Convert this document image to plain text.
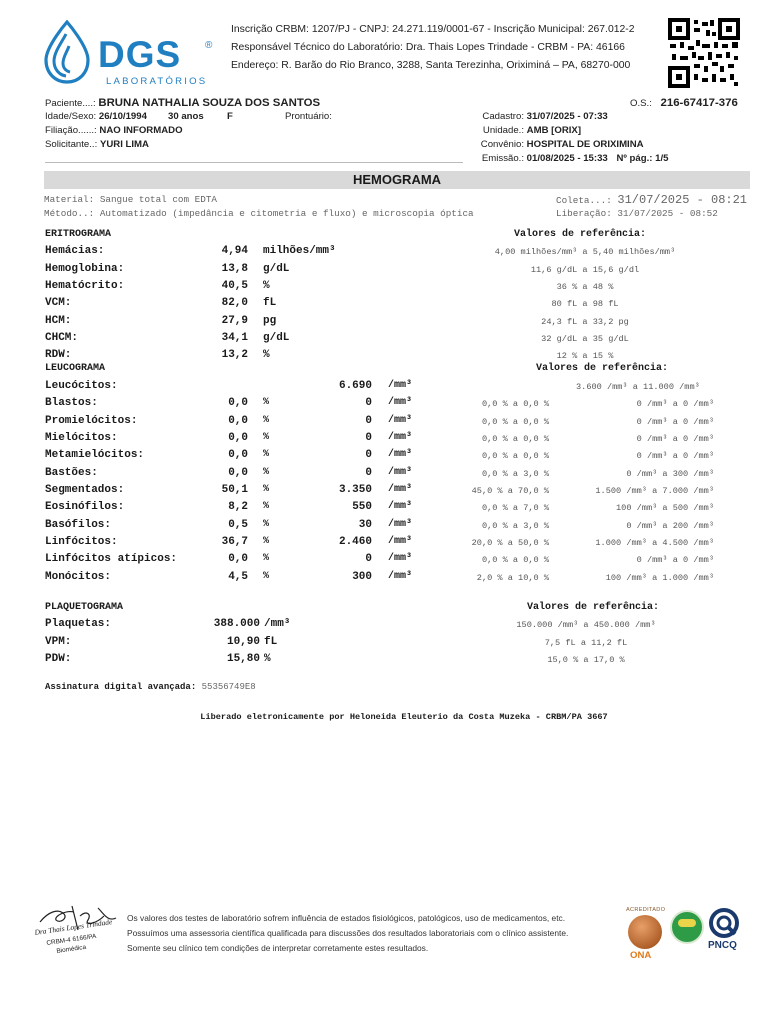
DGS ®
LABORATÓRIOS
Inscrição CRBM: 1207/PJ - CNPJ: 24.271.119/0001-67 - Inscrição Municipal: 267.012-2
Responsável Técnico do Laboratório: Dra. Thais Lopes Trindade - CRBM - PA: 46166
Endereço: R. Barão do Rio Branco, 3288, Santa Terezinha, Oriximiná – PA, 68270-000
Paciente....: BRUNA NATHALIA SOUZA DOS SANTOS
Idade/Sexo: 26/10/1994 30 anos F	Prontuário:
Filiação......: NAO INFORMADO
Solicitante..: YURI LIMA
O.S.: 216-67417-376
Cadastro: 31/07/2025 - 07:33
Unidade.: AMB [ORIX]
Convênio: HOSPITAL DE ORIXIMINA
Emissão.: 01/08/2025 - 15:33 Nº pág.: 1/5
HEMOGRAMA
Material: Sangue total com EDTA
Método..: Automatizado (impedância e citometria e fluxo) e microscopia óptica
Coleta...: 31/07/2025 - 08:21
Liberação: 31/07/2025 - 08:52
ERITROGRAMA	Valores de referência:
Hemácias:	4,94 milhões/mm³	4,00 milhões/mm³ a 5,40 milhões/mm³
Hemoglobina:	13,8 g/dL	11,6 g/dL a 15,6 g/dl
Hematócrito:	40,5 %	36 % a 48 %
VCM:	82,0 fL	80 fL a 98 fL
HCM:	27,9 pg	24,3 fL a 33,2 pg
CHCM:	34,1 g/dL	32 g/dL a 35 g/dL
RDW:	13,2 %	12 % a 15 %
LEUCOGRAMA	Valores de referência:
Leucócitos:	6.690 /mm³	3.600 /mm³ a 11.000 /mm³
Blastos:	0,0 %	0 /mm³	0,0 % a 0,0 %	0 /mm³ a 0 /mm³
Promielócitos:	0,0 %	0 /mm³	0,0 % a 0,0 %	0 /mm³ a 0 /mm³
Mielócitos:	0,0 %	0 /mm³	0,0 % a 0,0 %	0 /mm³ a 0 /mm³
Metamielócitos:	0,0 %	0 /mm³	0,0 % a 0,0 %	0 /mm³ a 0 /mm³
Bastões:	0,0 %	0 /mm³	0,0 % a 3,0 %	0 /mm³ a 300 /mm³
Segmentados:	50,1 %	3.350 /mm³	45,0 % a 70,0 %	1.500 /mm³ a 7.000 /mm³
Eosinófilos:	8,2 %	550 /mm³	0,0 % a 7,0 %	100 /mm³ a 500 /mm³
Basófilos:	0,5 %	30 /mm³	0,0 % a 3,0 %	0 /mm³ a 200 /mm³
Linfócitos:	36,7 %	2.460 /mm³	20,0 % a 50,0 %	1.000 /mm³ a 4.500 /mm³
Linfócitos atípicos:	0,0 %	0 /mm³	0,0 % a 0,0 %	0 /mm³ a 0 /mm³
Monócitos:	4,5 %	300 /mm³	2,0 % a 10,0 %	100 /mm³ a 1.000 /mm³
PLAQUETOGRAMA	Valores de referência:
Plaquetas:	388.000 /mm³	150.000 /mm³ a 450.000 /mm³
VPM:	10,90 fL	7,5 fL a 11,2 fL
PDW:	15,80 %	15,0 % a 17,0 %
Assinatura digital avançada: 55356749E8
Liberado eletronicamente por Heloneida Eleuterio da Costa Muzeka - CRBM/PA 3667
Dra Thais Lopes Trindade
CRBM-4 6166/PA
Biomédica
Os valores dos testes de laboratório sofrem influência de estados fisiológicos, patológicos, uso de medicamentos, etc.
Possuímos uma assessoria científica qualificada para discussões dos resultados laboratoriais com o clínico assistente.
Somente seu clínico tem condições de interpretar corretamente estes resultados.
ACREDITADO
ONA
PNCQ
